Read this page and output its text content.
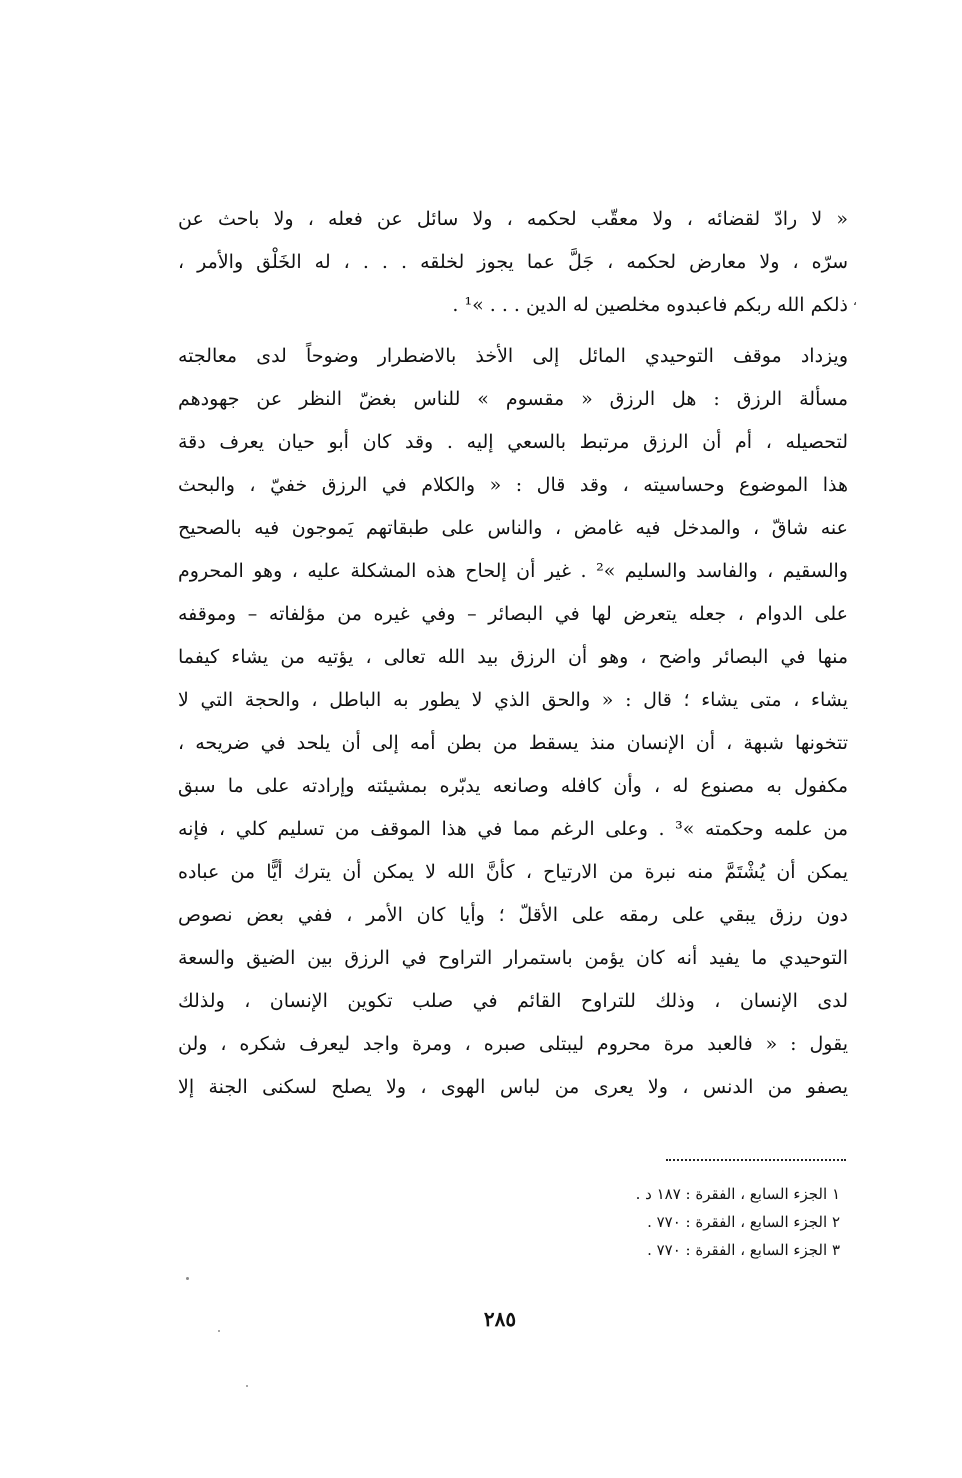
« لا رادّ لقضائه ، ولا معقّب لحكمه ، ولا سائل عن فعله ، ولا باحث عن
سرّه ، ولا معارض لحكمه ، جَلَّ عما يجوز لخلقه . . . ، له الخَلْق والأمر ،
ذلكم الله ربكم فاعبدوه مخلصين له الدين . . . »¹ .
ويزداد موقف التوحيدي المائل إلى الأخذ بالاضطرار وضوحاً لدى معالجته
مسألة الرزق : هل الرزق « مقسوم » للناس بغضّ النظر عن جهودهم
لتحصيله ، أم أن الرزق مرتبط بالسعي إليه . وقد كان أبو حيان يعرف دقة
هذا الموضوع وحساسيته ، وقد قال : « والكلام في الرزق خفيّ ، والبحث
عنه شاقّ ، والمدخل فيه غامض ، والناس على طبقاتهم يَموجون فيه بالصحيح
والسقيم ، والفاسد والسليم »² . غير أن إلحاح هذه المشكلة عليه ، وهو المحروم
على الدوام ، جعله يتعرض لها في البصائر – وفي غيره من مؤلفاته – وموقفه
منها في البصائر واضح ، وهو أن الرزق بيد الله تعالى ، يؤتيه من يشاء كيفما
يشاء ، متى يشاء ؛ قال : « والحق الذي لا يطور به الباطل ، والحجة التي لا
تتخونها شبهة ، أن الإنسان منذ يسقط من بطن أمه إلى أن يلحد في ضريحه ،
مكفول به مصنوع له ، وأن كافله وصانعه يدبّره بمشيئته وإرادته على ما سبق
من علمه وحكمته »³ . وعلى الرغم مما في هذا الموقف من تسليم كلي ، فإنه
يمكن أن يُشْتَمَّ منه نبرة من الارتياح ، كأنَّ الله لا يمكن أن يترك أيًّا من عباده
دون رزق يبقي على رمقه على الأقلّ ؛ وأيا كان الأمر ، ففي بعض نصوص
التوحيدي ما يفيد أنه كان يؤمن باستمرار التراوح في الرزق بين الضيق والسعة
لدى الإنسان ، وذلك للتراوح القائم في صلب تكوين الإنسان ، ولذلك
يقول : « فالعبد مرة محروم ليبتلى صبره ، ومرة واجد ليعرف شكره ، ولن
يصفو من الدنس ، ولا يعرى من لباس الهوى ، ولا يصلح لسكنى الجنة إلا
،
١ الجزء السابع ، الفقرة : ١٨٧ د .
٢ الجزء السابع ، الفقرة : ٧٧٠ .
٣ الجزء السابع ، الفقرة : ٧٧٠ .
٢٨٥
